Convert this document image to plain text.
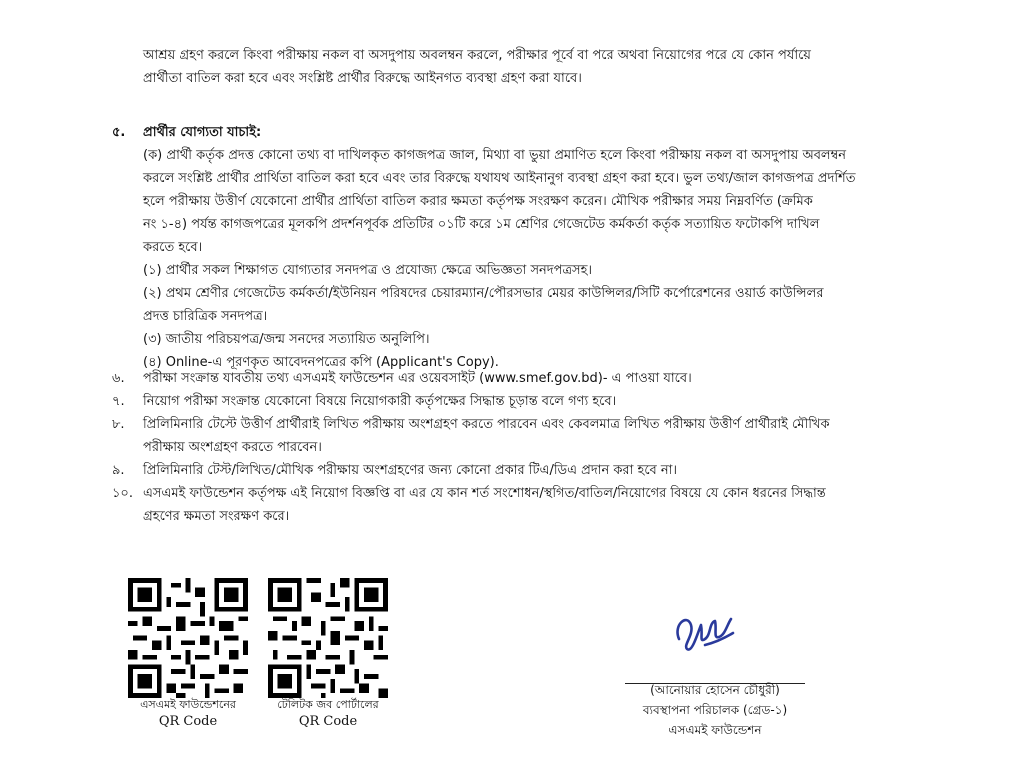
আশ্রয় গ্রহণ করলে কিংবা পরীক্ষায় নকল বা অসদুপায় অবলম্বন করলে, পরীক্ষার পূর্বে বা পরে অথবা নিয়োগের পরে যে কোন পর্যায়ে
প্রার্থীতা বাতিল করা হবে এবং সংশ্লিষ্ট প্রার্থীর বিরুদ্ধে আইনগত ব্যবস্থা গ্রহণ করা যাবে।
৫. প্রার্থীর যোগ্যতা যাচাই:
(ক) প্রার্থী কর্তৃক প্রদত্ত কোনো তথ্য বা দাখিলকৃত কাগজপত্র জাল, মিথ্যা বা ভুয়া প্রমাণিত হলে কিংবা পরীক্ষায় নকল বা অসদুপায় অবলম্বন
করলে সংশ্লিষ্ট প্রার্থীর প্রার্থিতা বাতিল করা হবে এবং তার বিরুদ্ধে যথাযথ আইনানুগ ব্যবস্থা গ্রহণ করা হবে। ভুল তথ্য/জাল কাগজপত্র প্রদর্শিত
হলে পরীক্ষায় উত্তীর্ণ যেকোনো প্রার্থীর প্রার্থিতা বাতিল করার ক্ষমতা কর্তৃপক্ষ সংরক্ষণ করেন। মৌখিক পরীক্ষার সময় নিম্নবর্ণিত (ক্রমিক
নং ১-৪) পর্যন্ত কাগজপত্রের মূলকপি প্রদর্শনপূর্বক প্রতিটির ০১টি করে ১ম শ্রেণির গেজেটেড কর্মকর্তা কর্তৃক সত্যায়িত ফটোকপি দাখিল
করতে হবে।
(১) প্রার্থীর সকল শিক্ষাগত যোগ্যতার সনদপত্র ও প্রযোজ্য ক্ষেত্রে অভিজ্ঞতা সনদপত্রসহ।
(২) প্রথম শ্রেণীর গেজেটেড কর্মকর্তা/ইউনিয়ন পরিষদের চেয়ারম্যান/পৌরসভার মেয়র কাউন্সিলর/সিটি কর্পোরেশনের ওয়ার্ড কাউন্সিলর
প্রদত্ত চারিত্রিক সনদপত্র।
(৩) জাতীয় পরিচয়পত্র/জন্ম সনদের সত্যায়িত অনুলিপি।
(৪) Online-এ পূরণকৃত আবেদনপত্রের কপি (Applicant's Copy).
৬. পরীক্ষা সংক্রান্ত যাবতীয় তথ্য এসএমই ফাউন্ডেশন এর ওয়েবসাইট (www.smef.gov.bd)- এ পাওয়া যাবে।
৭. নিয়োগ পরীক্ষা সংক্রান্ত যেকোনো বিষয়ে নিয়োগকারী কর্তৃপক্ষের সিদ্ধান্ত চূড়ান্ত বলে গণ্য হবে।
৮. প্রিলিমিনারি টেস্টে উত্তীর্ণ প্রার্থীরাই লিখিত পরীক্ষায় অংশগ্রহণ করতে পারবেন এবং কেবলমাত্র লিখিত পরীক্ষায় উত্তীর্ণ প্রার্থীরাই মৌখিক
পরীক্ষায় অংশগ্রহণ করতে পারবেন।
৯. প্রিলিমিনারি টেস্ট/লিখিত/মৌখিক পরীক্ষায় অংশগ্রহণের জন্য কোনো প্রকার টিএ/ডিএ প্রদান করা হবে না।
১০. এসএমই ফাউন্ডেশন কর্তৃপক্ষ এই নিয়োগ বিজ্ঞপ্তি বা এর যে কান শর্ত সংশোধন/স্থগিত/বাতিল/নিয়োগের বিষয়ে যে কোন ধরনের সিদ্ধান্ত
গ্রহণের ক্ষমতা সংরক্ষণ করে।
এসএমই ফাউন্ডেশনের
QR Code
টেলিটক জব পোর্টালের
QR Code
(আনোয়ার হোসেন চৌধুরী)
ব্যবস্থাপনা পরিচালক (গ্রেড-১)
এসএমই ফাউন্ডেশন
